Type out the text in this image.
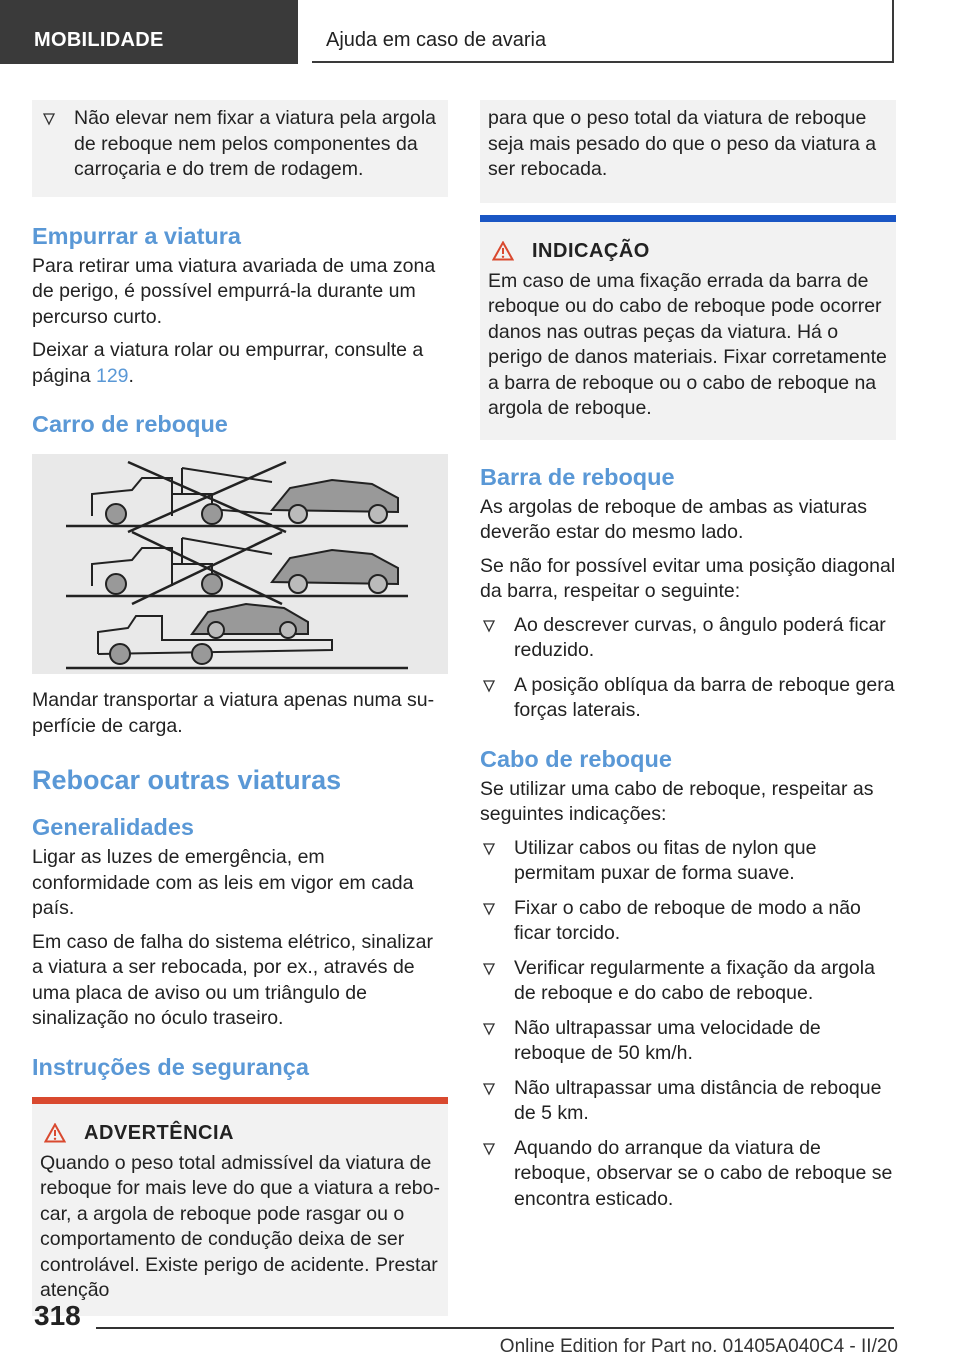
MOBILIDADE	Ajuda em caso de avaria
Não elevar nem fixar a viatura pela argola de reboque nem pelos componentes da carroçaria e do trem de rodagem.
Empurrar a viatura

Para retirar uma viatura avariada de uma zona de perigo, é possível empurrá-la durante um percurso curto.

Deixar a viatura rolar ou empurrar, consulte a página 129.

Carro de reboque

Mandar transportar a viatura apenas numa superfície de carga.

Rebocar outras viaturas
Generalidades

Ligar as luzes de emergência, em conformidade com as leis em vigor em cada país.

Em caso de falha do sistema elétrico, sinalizar a viatura a ser rebocada, por ex., através de uma placa de aviso ou um triângulo de sinalização no óculo traseiro.

Instruções de segurança
ADVERTÊNCIA

Quando o peso total admissível da viatura de reboque for mais leve do que a viatura a rebocar, a argola de reboque pode rasgar ou o comportamento de condução deixa de ser controlável. Existe perigo de acidente. Prestar atenção

para que o peso total da viatura de reboque seja mais pesado do que o peso da viatura a ser rebocada.

INDICAÇÃO

Em caso de uma fixação errada da barra de reboque ou do cabo de reboque pode ocorrer danos nas outras peças da viatura. Há o perigo de danos materiais. Fixar corretamente a barra de reboque ou o cabo de reboque na argola de reboque.

Barra de reboque

As argolas de reboque de ambas as viaturas deverão estar do mesmo lado.

Se não for possível evitar uma posição diagonal da barra, respeitar o seguinte:

Ao descrever curvas, o ângulo poderá ficar reduzido.
A posição oblíqua da barra de reboque gera forças laterais.
Cabo de reboque

Se utilizar uma cabo de reboque, respeitar as seguintes indicações:

Utilizar cabos ou fitas de nylon que permitam puxar de forma suave.
Fixar o cabo de reboque de modo a não ficar torcido.
Verificar regularmente a fixação da argola de reboque e do cabo de reboque.
Não ultrapassar uma velocidade de reboque de 50 km/h.
Não ultrapassar uma distância de reboque de 5 km.
Aquando do arranque da viatura de reboque, observar se o cabo de reboque se encontra esticado.
318
Online Edition for Part no. 01405A040C4 - II/20
